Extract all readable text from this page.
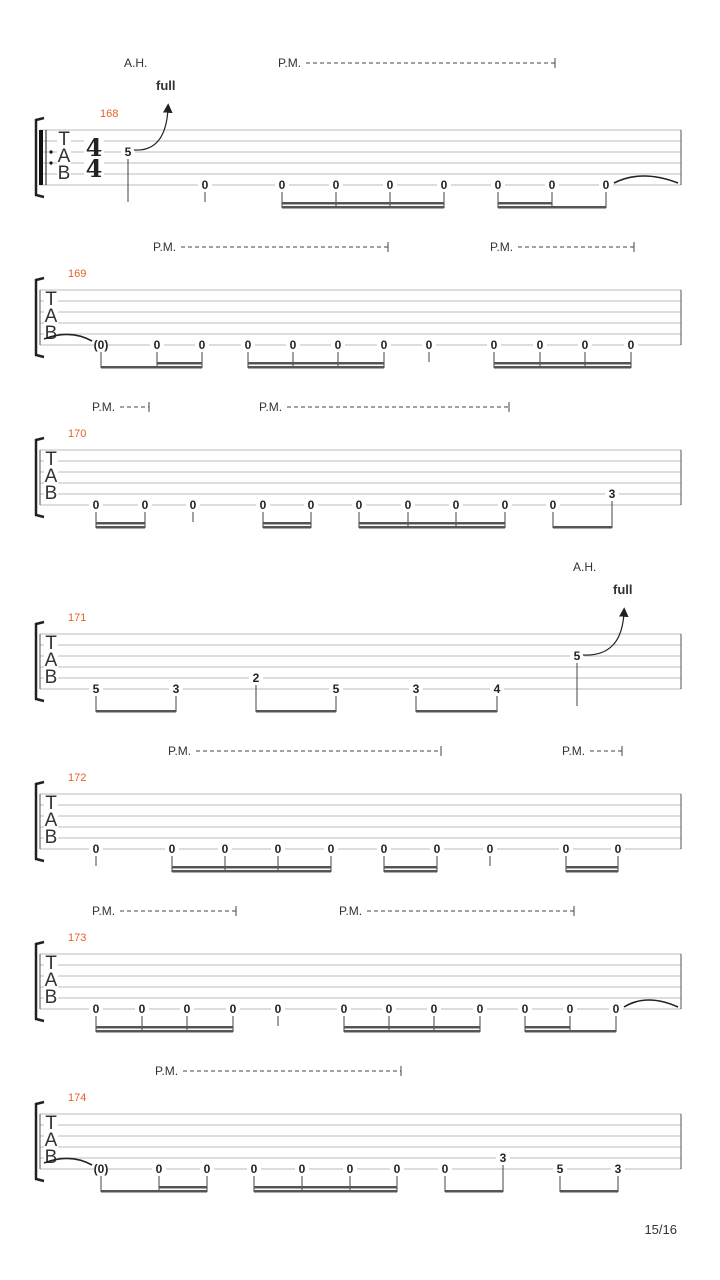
T
A
B
4
4
168
5
0	0	0	0	0	0	0	0
A.H.
full
P.M.
T
A
B
169
(0)	0	0	0	0	0	0	0	0	0	0	0
P.M.	P.M.
T
A
B
170
0	0	0	0	0	0	0	0	0	0
3
P.M.	P.M.
T
A
B
171
5	3
2
5	3	4
5
A.H.
full
T
A
B
172
0	0	0	0	0	0	0	0	0	0
P.M.	P.M.
T
A
B
173
0	0	0	0	0	0	0	0	0	0	0	0
P.M.	P.M.
T
A
B
174
(0)	0	0	0	0	0	0	0
3
5	3
P.M.
15/16
